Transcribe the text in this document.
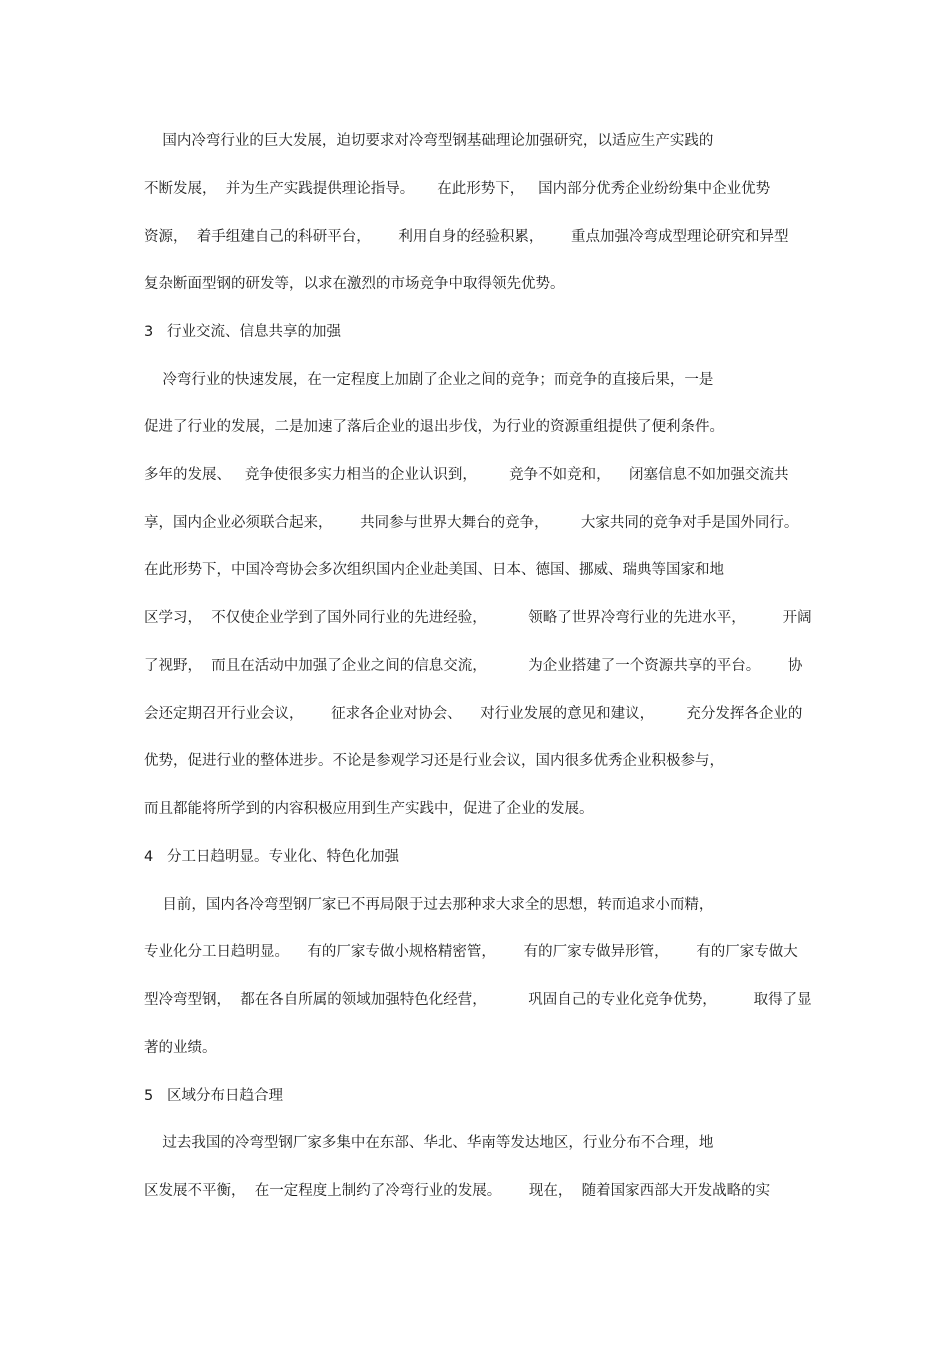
国内冷弯行业的巨大发展，迫切要求对冷弯型钢基础理论加强研究，以适应生产实践的
不断发展，  并为生产实践提供理论指导。     在此形势下，   国内部分优秀企业纷纷集中企业优势
资源，  着手组建自己的科研平台，      利用自身的经验积累，      重点加强冷弯成型理论研究和异型
复杂断面型钢的研发等，以求在激烈的市场竞争中取得领先优势。
3   行业交流、信息共享的加强
冷弯行业的快速发展，在一定程度上加剧了企业之间的竞争；而竞争的直接后果，一是
促进了行业的发展，二是加速了落后企业的退出步伐，为行业的资源重组提供了便利条件。
多年的发展、   竞争使很多实力相当的企业认识到，       竞争不如竞和，    闭塞信息不如加强交流共
享，国内企业必须联合起来，      共同参与世界大舞台的竞争，       大家共同的竞争对手是国外同行。
在此形势下，中国冷弯协会多次组织国内企业赴美国、日本、德国、挪威、瑞典等国家和地
区学习，  不仅使企业学到了国外同行业的先进经验，         领略了世界冷弯行业的先进水平，        开阔
了视野，  而且在活动中加强了企业之间的信息交流，         为企业搭建了一个资源共享的平台。      协
会还定期召开行业会议，      征求各企业对协会、    对行业发展的意见和建议，       充分发挥各企业的
优势，促进行业的整体进步。不论是参观学习还是行业会议，国内很多优秀企业积极参与，
而且都能将所学到的内容积极应用到生产实践中，促进了企业的发展。
4   分工日趋明显。专业化、特色化加强
目前，国内各冷弯型钢厂家已不再局限于过去那种求大求全的思想，转而追求小而精，
专业化分工日趋明显。    有的厂家专做小规格精密管，      有的厂家专做异形管，      有的厂家专做大
型冷弯型钢，  都在各自所属的领域加强特色化经营，         巩固自己的专业化竞争优势，        取得了显
著的业绩。
5   区域分布日趋合理
过去我国的冷弯型钢厂家多集中在东部、华北、华南等发达地区，行业分布不合理，地
区发展不平衡，  在一定程度上制约了冷弯行业的发展。      现在，  随着国家西部大开发战略的实
